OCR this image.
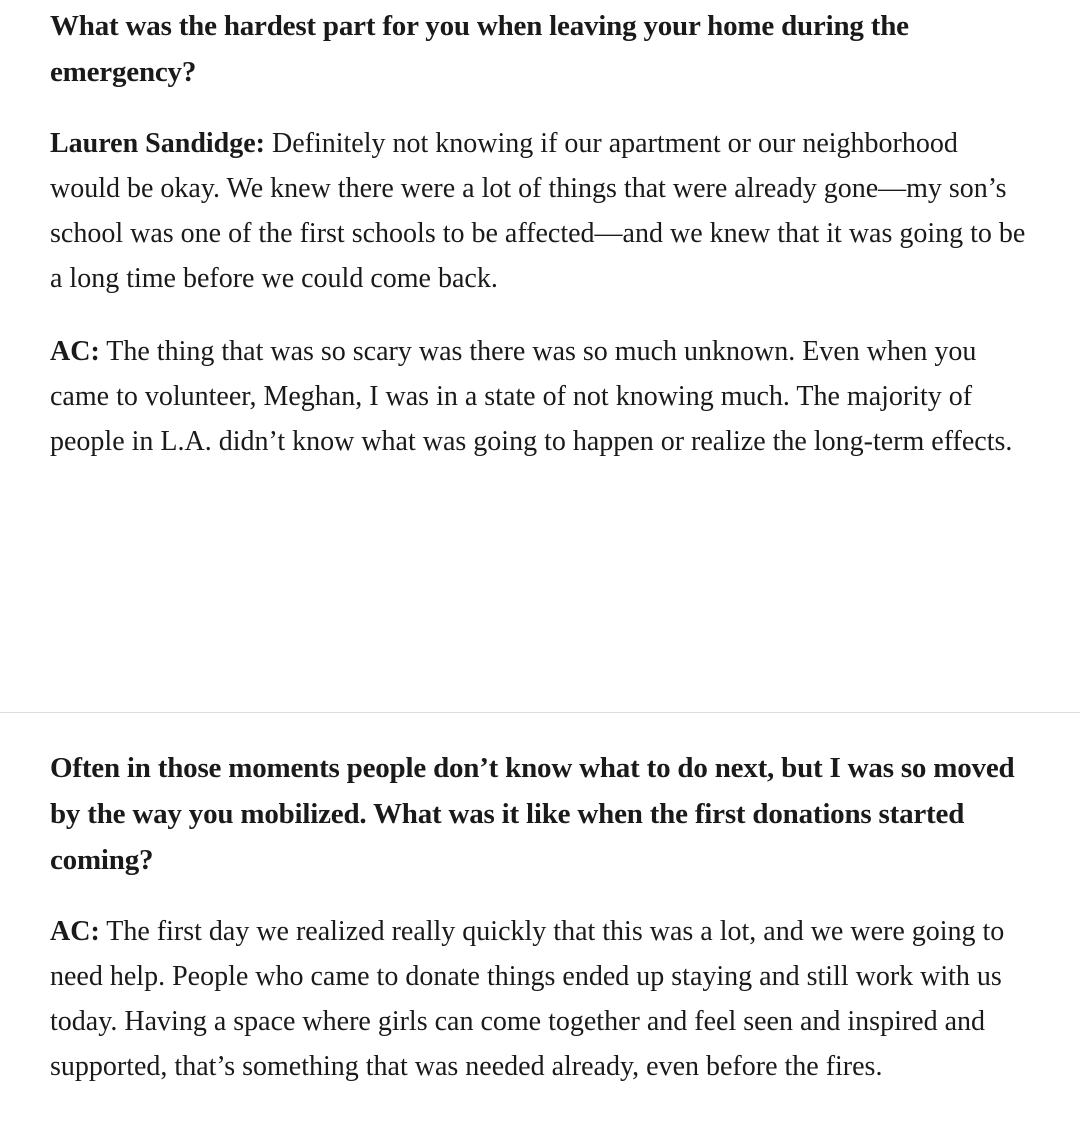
What was the hardest part for you when leaving your home during the emergency?

Lauren Sandidge: Definitely not knowing if our apartment or our neighborhood would be okay. We knew there were a lot of things that were already gone—my son’s school was one of the first schools to be affected—and we knew that it was going to be a long time before we could come back.

AC: The thing that was so scary was there was so much unknown. Even when you came to volunteer, Meghan, I was in a state of not knowing much. The majority of people in L.A. didn’t know what was going to happen or realize the long-term effects.

Often in those moments people don’t know what to do next, but I was so moved by the way you mobilized. What was it like when the first donations started coming?

AC: The first day we realized really quickly that this was a lot, and we were going to need help. People who came to donate things ended up staying and still work with us today. Having a space where girls can come together and feel seen and inspired and supported, that’s something that was needed already, even before the fires.
